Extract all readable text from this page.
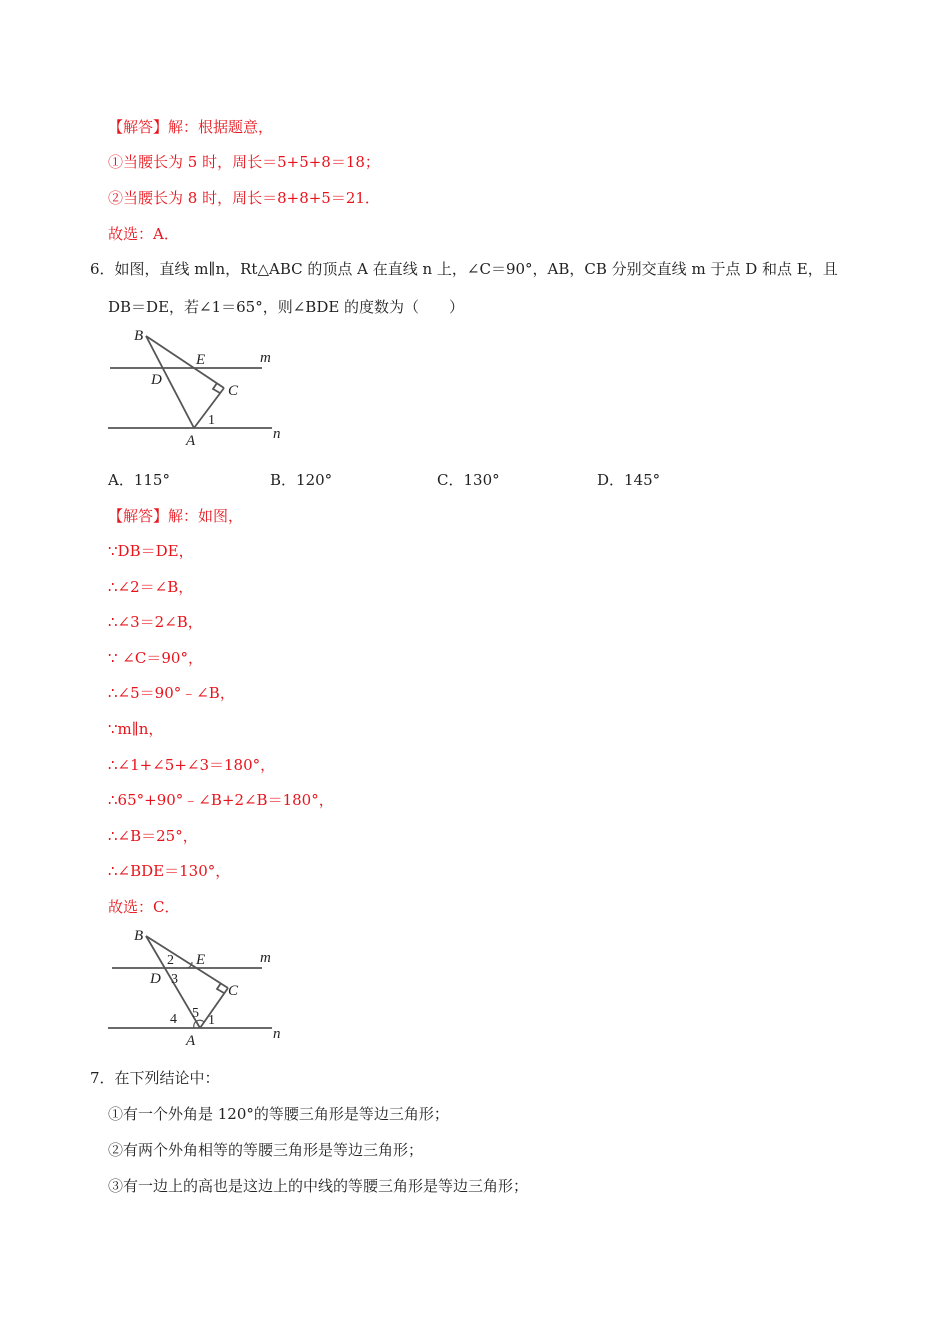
【解答】解：根据题意，
①当腰长为 5 时，周长＝5+5+8＝18；
②当腰长为 8 时，周长＝8+8+5＝21．
故选：A．
6．如图，直线 m∥n，Rt△ABC 的顶点 A 在直线 n 上，∠C＝90°，AB，CB 分别交直线 m 于点 D 和点 E，且
DB＝DE，若∠1＝65°，则∠BDE 的度数为（　　）
B
E	m
D
C
1
A	n
A．115°	B．120°	C．130°	D．145°
【解答】解：如图，
∵DB＝DE，
∴∠2＝∠B，
∴∠3＝2∠B，
∵ ∠C＝90°，
∴∠5＝90°﹣∠B，
∵m∥n，
∴∠1+∠5+∠3＝180°，
∴65°+90°﹣∠B+2∠B＝180°，
∴∠B＝25°，
∴∠BDE＝130°，
故选：C．
B
2 E	m
D 3
C
4 5 1
A	n
7．在下列结论中：
①有一个外角是 120°的等腰三角形是等边三角形；
②有两个外角相等的等腰三角形是等边三角形；
③有一边上的高也是这边上的中线的等腰三角形是等边三角形；
